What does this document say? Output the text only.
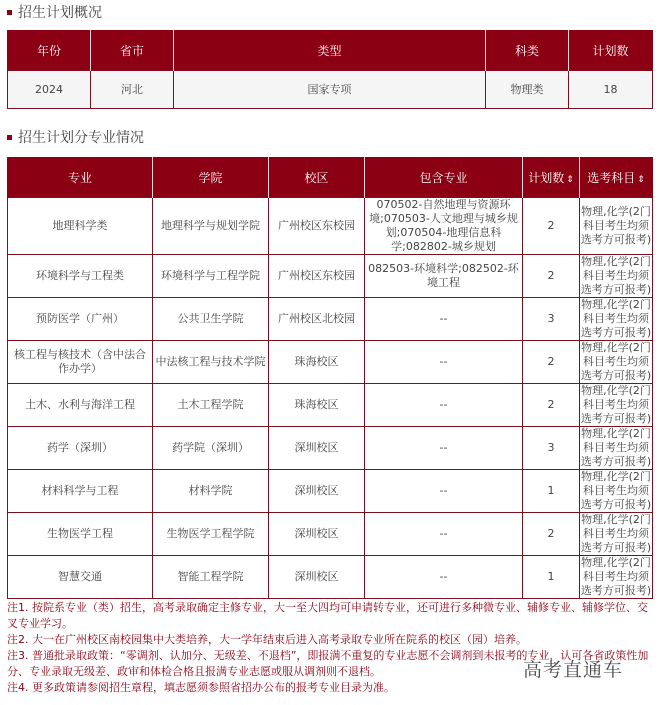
招生计划概况
年份	省市	类型	科类	计划数
2024	河北	国家专项	物理类	18
招生计划分专业情况
专业	学院	校区	包含专业	计划数 ⇕	选考科目 ⇕
地理科学类	地理科学与规划学院	广州校区东校园	070502-自然地理与资源环境;070503-人文地理与城乡规划;070504-地理信息科学;082802-城乡规划	2	物理,化学(2门科目考生均须选考方可报考)
环境科学与工程类	环境科学与工程学院	广州校区东校园	082503-环境科学;082502-环境工程	2	物理,化学(2门科目考生均须选考方可报考)
预防医学（广州）	公共卫生学院	广州校区北校园	--	3	物理,化学(2门科目考生均须选考方可报考)
核工程与核技术（含中法合作办学）	中法核工程与技术学院	珠海校区	--	2	物理,化学(2门科目考生均须选考方可报考)
土木、水利与海洋工程	土木工程学院	珠海校区	--	2	物理,化学(2门科目考生均须选考方可报考)
药学（深圳）	药学院（深圳）	深圳校区	--	3	物理,化学(2门科目考生均须选考方可报考)
材料科学与工程	材料学院	深圳校区	--	1	物理,化学(2门科目考生均须选考方可报考)
生物医学工程	生物医学工程学院	深圳校区	--	2	物理,化学(2门科目考生均须选考方可报考)
智慧交通	智能工程学院	深圳校区	--	1	物理,化学(2门科目考生均须选考方可报考)
注1. 按院系专业（类）招生，高考录取确定主修专业，大一至大四均可申请转专业，还可进行多种微专业、辅修专业、辅修学位、交叉专业学习。
注2. 大一在广州校区南校园集中大类培养，大一学年结束后进入高考录取专业所在院系的校区（园）培养。
注3. 普通批录取政策：“零调剂、认加分、无级差、不退档”，即报满不重复的专业志愿不会调剂到未报考的专业，认可各省政策性加分、专业录取无级差、政审和体检合格且报满专业志愿或服从调剂则不退档。
注4. 更多政策请参阅招生章程，填志愿须参照省招办公布的报考专业目录为准。
高考直通车
